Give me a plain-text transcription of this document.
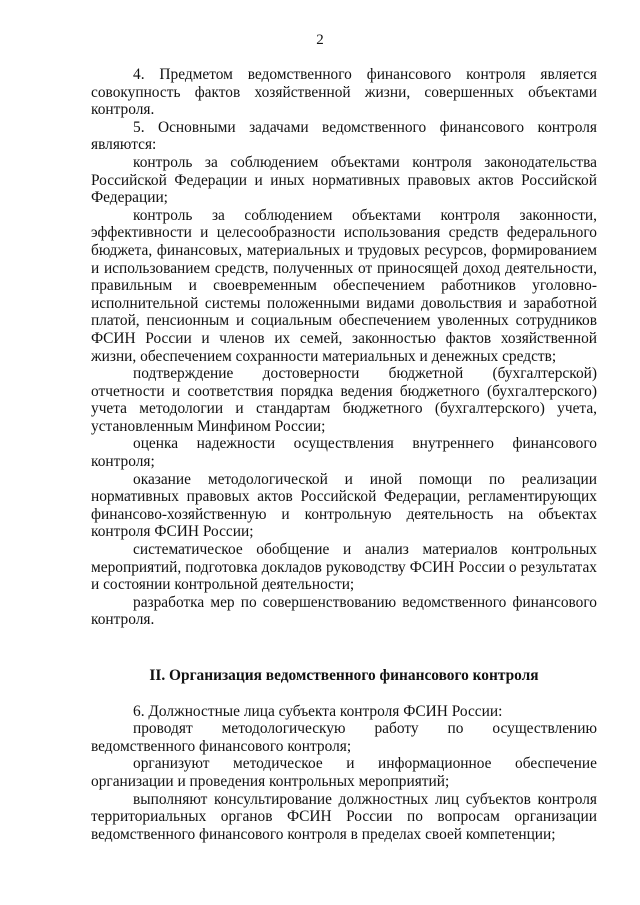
2

4. Предметом ведомственного финансового контроля является совокупность фактов хозяйственной жизни, совершенных объектами контроля.

5. Основными задачами ведомственного финансового контроля являются:

контроль за соблюдением объектами контроля законодательства Российской Федерации и иных нормативных правовых актов Российской Федерации;

контроль за соблюдением объектами контроля законности, эффективности и целесообразности использования средств федерального бюджета, финансовых, материальных и трудовых ресурсов, формированием и использованием средств, полученных от приносящей доход деятельности, правильным и своевременным обеспечением работников уголовно-исполнительной системы положенными видами довольствия и заработной платой, пенсионным и социальным обеспечением уволенных сотрудников ФСИН России и членов их семей, законностью фактов хозяйственной жизни, обеспечением сохранности материальных и денежных средств;

подтверждение достоверности бюджетной (бухгалтерской) отчетности и соответствия порядка ведения бюджетного (бухгалтерского) учета методологии и стандартам бюджетного (бухгалтерского) учета, установленным Минфином России;

оценка надежности осуществления внутреннего финансового контроля;

оказание методологической и иной помощи по реализации нормативных правовых актов Российской Федерации, регламентирующих финансово-хозяйственную и контрольную деятельность на объектах контроля ФСИН России;

систематическое обобщение и анализ материалов контрольных мероприятий, подготовка докладов руководству ФСИН России о результатах и состоянии контрольной деятельности;

разработка мер по совершенствованию ведомственного финансового контроля.

II. Организация ведомственного финансового контроля

6. Должностные лица субъекта контроля ФСИН России:

проводят методологическую работу по осуществлению ведомственного финансового контроля;

организуют методическое и информационное обеспечение организации и проведения контрольных мероприятий;

выполняют консультирование должностных лиц субъектов контроля территориальных органов ФСИН России по вопросам организации ведомственного финансового контроля в пределах своей компетенции;
